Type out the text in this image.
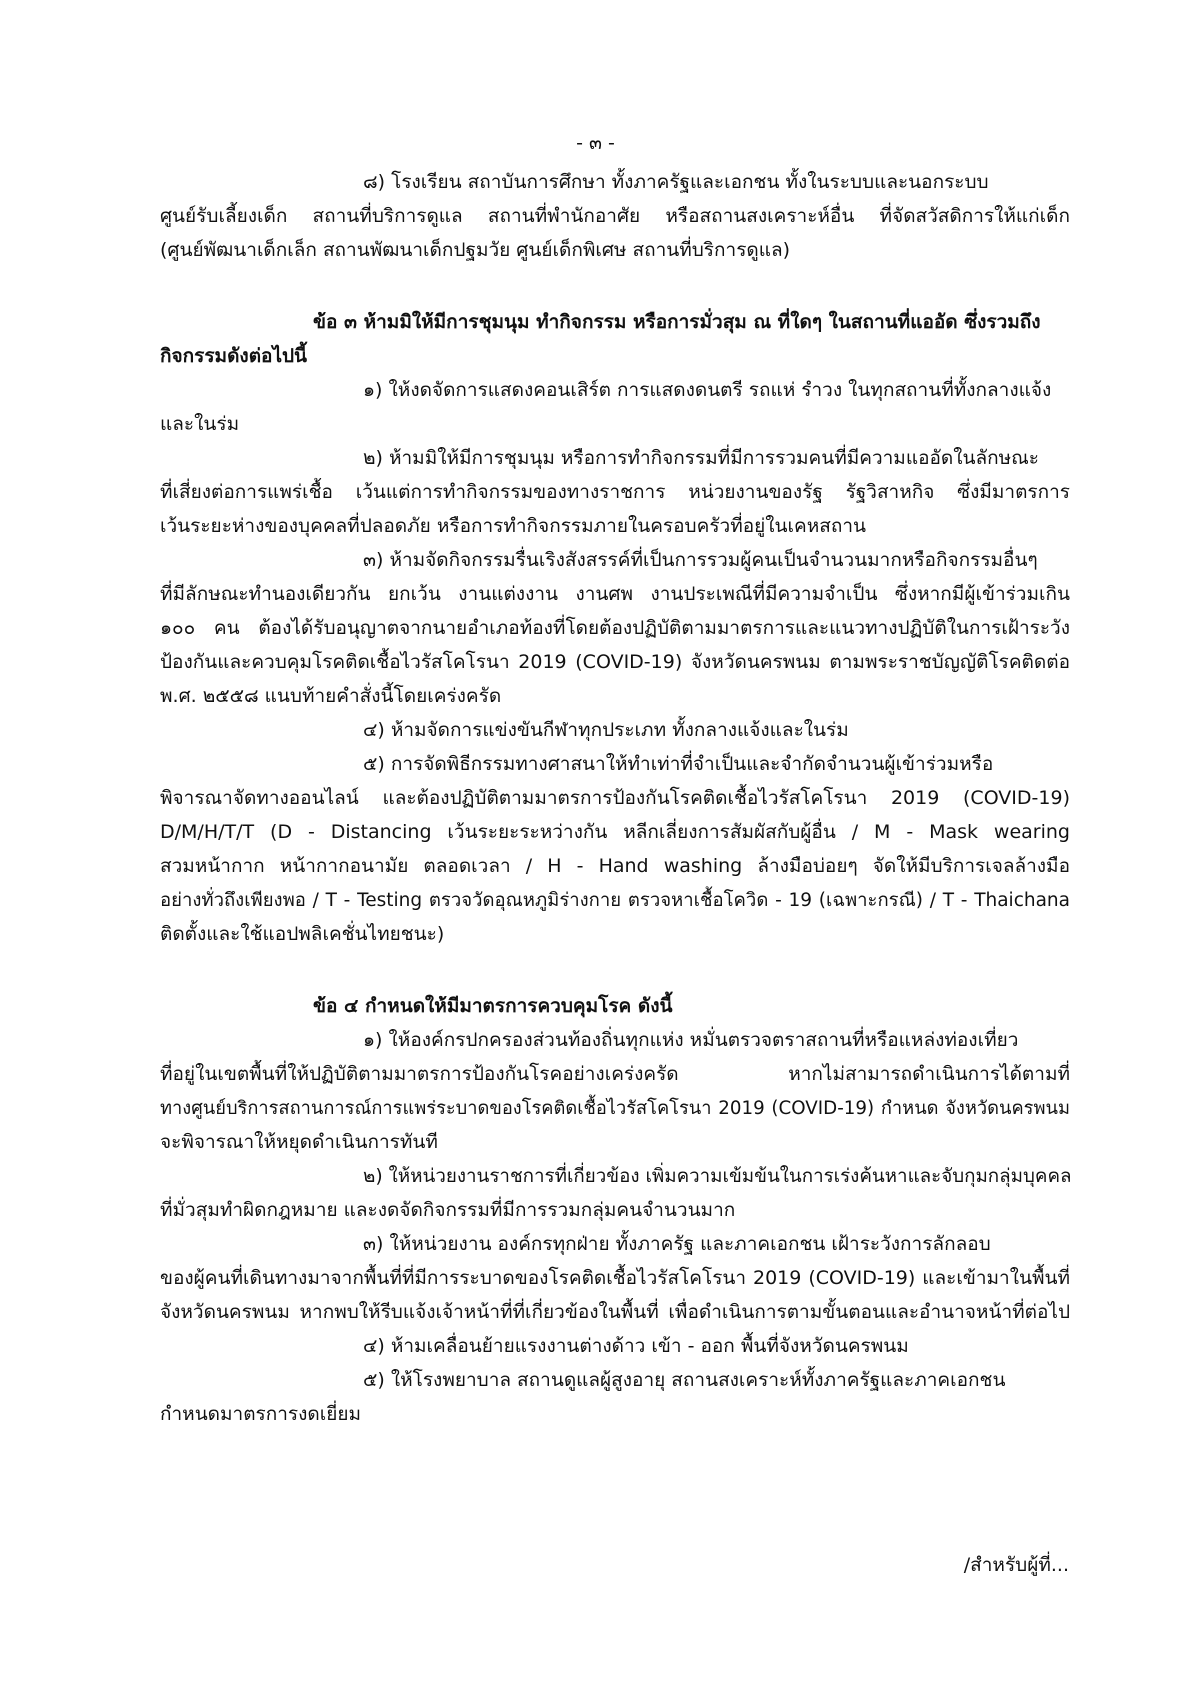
- ๓ -
๘) โรงเรียน สถาบันการศึกษา ทั้งภาครัฐและเอกชน ทั้งในระบบและนอกระบบ
ศูนย์รับเลี้ยงเด็ก สถานที่บริการดูแล สถานที่พำนักอาศัย หรือสถานสงเคราะห์อื่น ที่จัดสวัสดิการให้แก่เด็ก
(ศูนย์พัฒนาเด็กเล็ก สถานพัฒนาเด็กปฐมวัย ศูนย์เด็กพิเศษ สถานที่บริการดูแล)
ข้อ ๓ ห้ามมิให้มีการชุมนุม ทำกิจกรรม หรือการมั่วสุม ณ ที่ใดๆ ในสถานที่แออัด ซึ่งรวมถึง
กิจกรรมดังต่อไปนี้
๑) ให้งดจัดการแสดงคอนเสิร์ต การแสดงดนตรี รถแห่ รำวง ในทุกสถานที่ทั้งกลางแจ้ง
และในร่ม
๒) ห้ามมิให้มีการชุมนุม หรือการทำกิจกรรมที่มีการรวมคนที่มีความแออัดในลักษณะ
ที่เสี่ยงต่อการแพร่เชื้อ เว้นแต่การทำกิจกรรมของทางราชการ หน่วยงานของรัฐ รัฐวิสาหกิจ ซึ่งมีมาตรการ
เว้นระยะห่างของบุคคลที่ปลอดภัย หรือการทำกิจกรรมภายในครอบครัวที่อยู่ในเคหสถาน
๓) ห้ามจัดกิจกรรมรื่นเริงสังสรรค์ที่เป็นการรวมผู้คนเป็นจำนวนมากหรือกิจกรรมอื่นๆ
ที่มีลักษณะทำนองเดียวกัน ยกเว้น งานแต่งงาน งานศพ งานประเพณีที่มีความจำเป็น ซึ่งหากมีผู้เข้าร่วมเกิน
๑๐๐ คน ต้องได้รับอนุญาตจากนายอำเภอท้องที่โดยต้องปฏิบัติตามมาตรการและแนวทางปฏิบัติในการเฝ้าระวัง
ป้องกันและควบคุมโรคติดเชื้อไวรัสโคโรนา 2019 (COVID-19) จังหวัดนครพนม ตามพระราชบัญญัติโรคติดต่อ
พ.ศ. ๒๕๕๘ แนบท้ายคำสั่งนี้โดยเคร่งครัด
๔) ห้ามจัดการแข่งขันกีฬาทุกประเภท ทั้งกลางแจ้งและในร่ม
๕) การจัดพิธีกรรมทางศาสนาให้ทำเท่าที่จำเป็นและจำกัดจำนวนผู้เข้าร่วมหรือ
พิจารณาจัดทางออนไลน์ และต้องปฏิบัติตามมาตรการป้องกันโรคติดเชื้อไวรัสโคโรนา 2019 (COVID-19)
D/M/H/T/T (D - Distancing เว้นระยะระหว่างกัน หลีกเลี่ยงการสัมผัสกับผู้อื่น / M - Mask wearing
สวมหน้ากาก หน้ากากอนามัย ตลอดเวลา / H - Hand washing ล้างมือบ่อยๆ จัดให้มีบริการเจลล้างมือ
อย่างทั่วถึงเพียงพอ / T - Testing ตรวจวัดอุณหภูมิร่างกาย ตรวจหาเชื้อโควิด - 19 (เฉพาะกรณี) / T - Thaichana
ติดตั้งและใช้แอปพลิเคชั่นไทยชนะ)
ข้อ ๔ กำหนดให้มีมาตรการควบคุมโรค ดังนี้
๑) ให้องค์กรปกครองส่วนท้องถิ่นทุกแห่ง หมั่นตรวจตราสถานที่หรือแหล่งท่องเที่ยว
ที่อยู่ในเขตพื้นที่ให้ปฏิบัติตามมาตรการป้องกันโรคอย่างเคร่งครัด หากไม่สามารถดำเนินการได้ตามที่
ทางศูนย์บริการสถานการณ์การแพร่ระบาดของโรคติดเชื้อไวรัสโคโรนา 2019 (COVID-19) กำหนด จังหวัดนครพนม
จะพิจารณาให้หยุดดำเนินการทันที
๒) ให้หน่วยงานราชการที่เกี่ยวข้อง เพิ่มความเข้มข้นในการเร่งค้นหาและจับกุมกลุ่มบุคคล
ที่มั่วสุมทำผิดกฎหมาย และงดจัดกิจกรรมที่มีการรวมกลุ่มคนจำนวนมาก
๓) ให้หน่วยงาน องค์กรทุกฝ่าย ทั้งภาครัฐ และภาคเอกชน เฝ้าระวังการลักลอบ
ของผู้คนที่เดินทางมาจากพื้นที่ที่มีการระบาดของโรคติดเชื้อไวรัสโคโรนา 2019 (COVID-19) และเข้ามาในพื้นที่
จังหวัดนครพนม หากพบให้รีบแจ้งเจ้าหน้าที่ที่เกี่ยวข้องในพื้นที่ เพื่อดำเนินการตามขั้นตอนและอำนาจหน้าที่ต่อไป
๔) ห้ามเคลื่อนย้ายแรงงานต่างด้าว เข้า - ออก พื้นที่จังหวัดนครพนม
๕) ให้โรงพยาบาล สถานดูแลผู้สูงอายุ สถานสงเคราะห์ทั้งภาครัฐและภาคเอกชน
กำหนดมาตรการงดเยี่ยม
/สำหรับผู้ที่...
